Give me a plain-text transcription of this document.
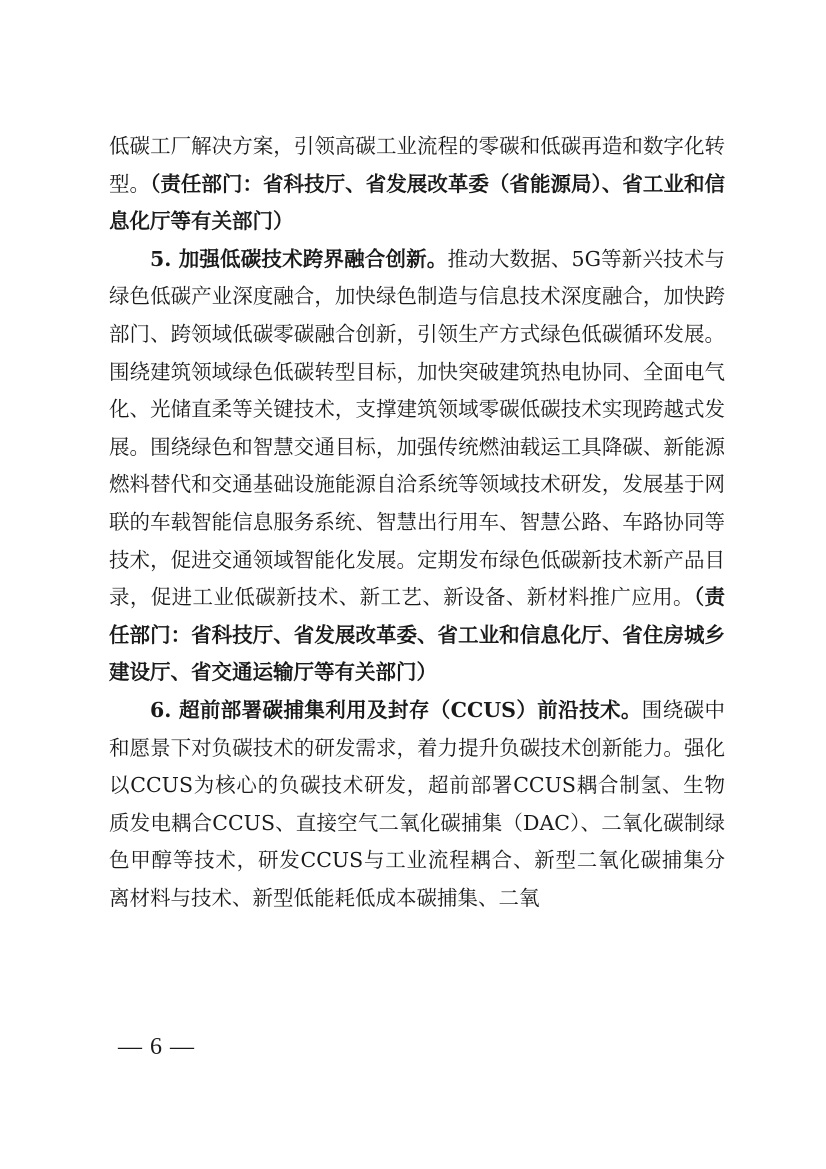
低碳工厂解决方案，引领高碳工业流程的零碳和低碳再造和数字化转型。（责任部门：省科技厅、省发展改革委（省能源局）、省工业和信息化厅等有关部门）

5. 加强低碳技术跨界融合创新。推动大数据、5G等新兴技术与绿色低碳产业深度融合，加快绿色制造与信息技术深度融合，加快跨部门、跨领域低碳零碳融合创新，引领生产方式绿色低碳循环发展。围绕建筑领域绿色低碳转型目标，加快突破建筑热电协同、全面电气化、光储直柔等关键技术，支撑建筑领域零碳低碳技术实现跨越式发展。围绕绿色和智慧交通目标，加强传统燃油载运工具降碳、新能源燃料替代和交通基础设施能源自洽系统等领域技术研发，发展基于网联的车载智能信息服务系统、智慧出行用车、智慧公路、车路协同等技术，促进交通领域智能化发展。定期发布绿色低碳新技术新产品目录，促进工业低碳新技术、新工艺、新设备、新材料推广应用。（责任部门：省科技厅、省发展改革委、省工业和信息化厅、省住房城乡建设厅、省交通运输厅等有关部门）

6. 超前部署碳捕集利用及封存（CCUS）前沿技术。围绕碳中和愿景下对负碳技术的研发需求，着力提升负碳技术创新能力。强化以CCUS为核心的负碳技术研发，超前部署CCUS耦合制氢、生物质发电耦合CCUS、直接空气二氧化碳捕集（DAC）、二氧化碳制绿色甲醇等技术，研发CCUS与工业流程耦合、新型二氧化碳捕集分离材料与技术、新型低能耗低成本碳捕集、二氧

— 6 —
